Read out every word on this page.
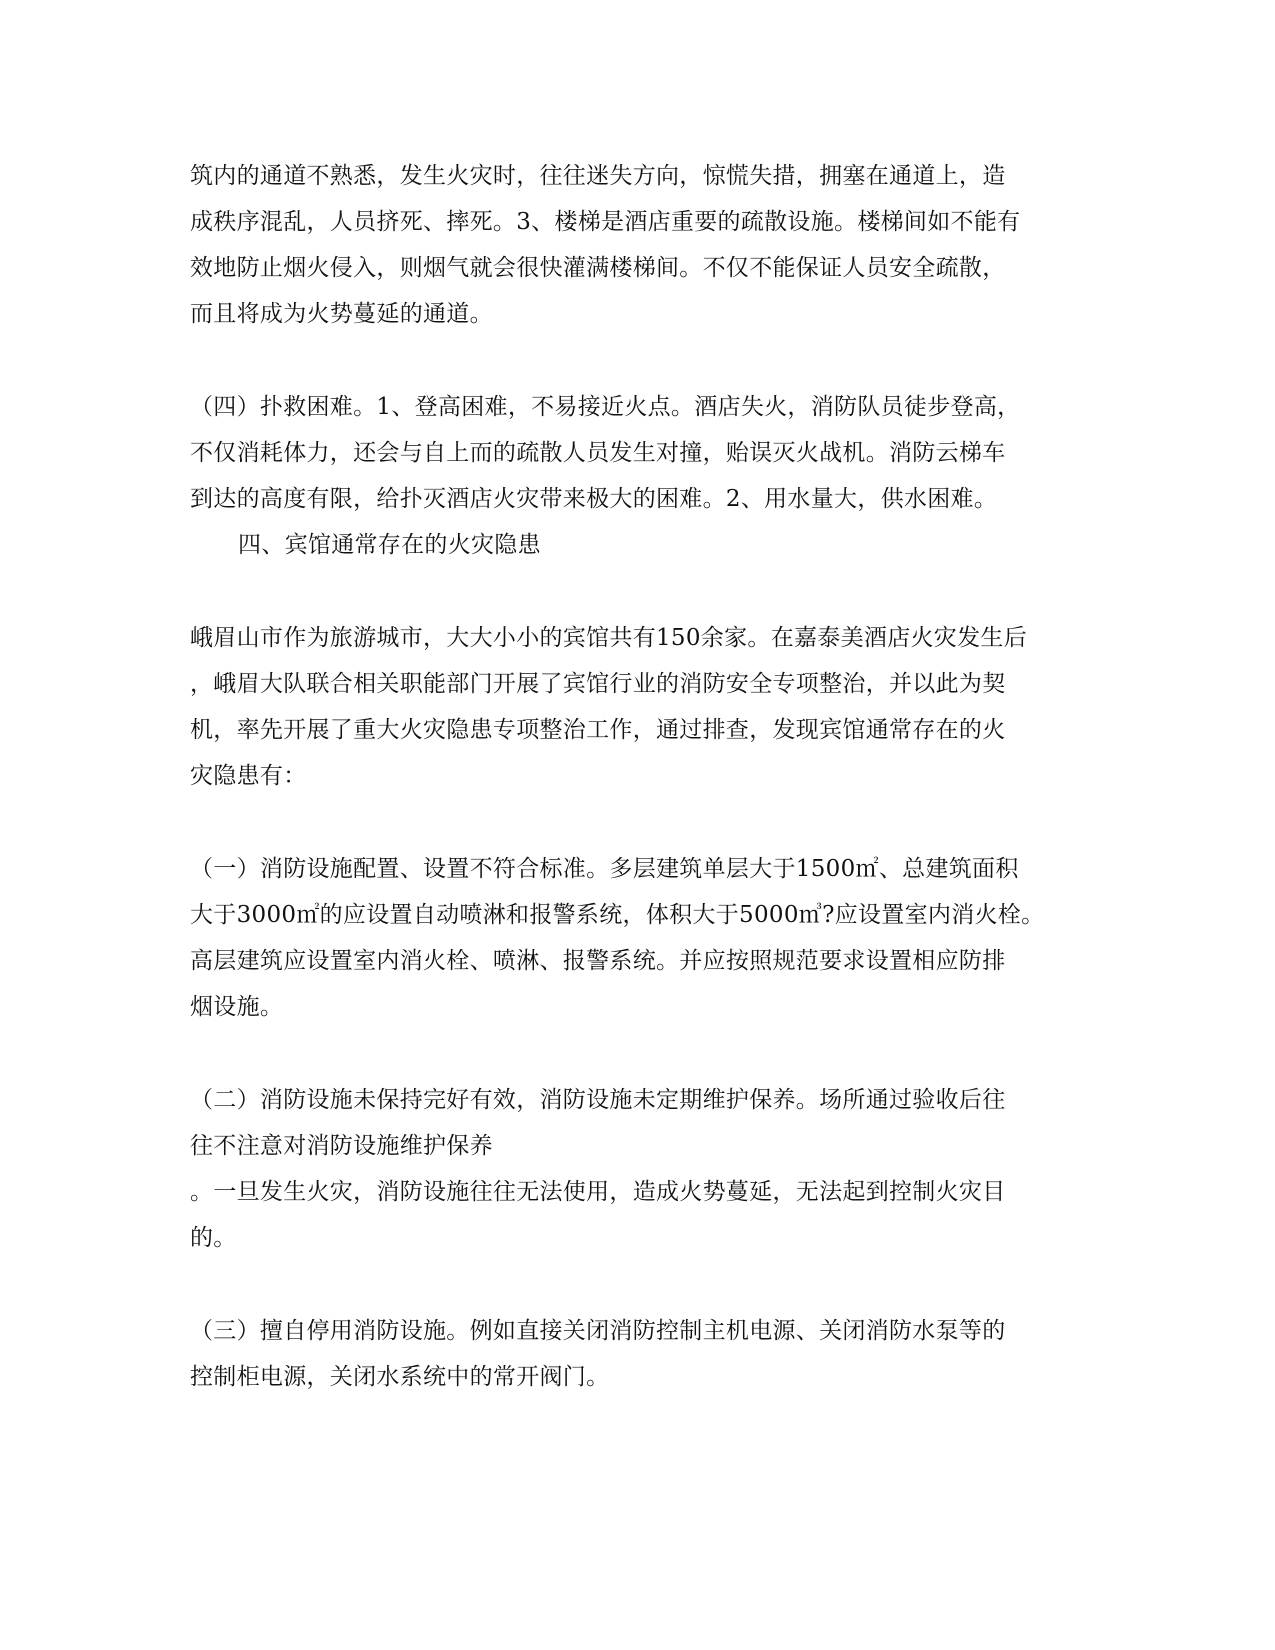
筑内的通道不熟悉，发生火灾时，往往迷失方向，惊慌失措，拥塞在通道上，造
成秩序混乱，人员挤死、摔死。3、楼梯是酒店重要的疏散设施。楼梯间如不能有
效地防止烟火侵入，则烟气就会很快灌满楼梯间。不仅不能保证人员安全疏散，
而且将成为火势蔓延的通道。
（四）扑救困难。1、登高困难，不易接近火点。酒店失火，消防队员徒步登高，
不仅消耗体力，还会与自上而的疏散人员发生对撞，贻误灭火战机。消防云梯车
到达的高度有限，给扑灭酒店火灾带来极大的困难。2、用水量大，供水困难。
四、宾馆通常存在的火灾隐患
峨眉山市作为旅游城市，大大小小的宾馆共有150余家。在嘉泰美酒店火灾发生后
，峨眉大队联合相关职能部门开展了宾馆行业的消防安全专项整治，并以此为契
机，率先开展了重大火灾隐患专项整治工作，通过排查，发现宾馆通常存在的火
灾隐患有：
（一）消防设施配置、设置不符合标准。多层建筑单层大于1500㎡、总建筑面积
大于3000㎡的应设置自动喷淋和报警系统，体积大于5000㎥?应设置室内消火栓。
高层建筑应设置室内消火栓、喷淋、报警系统。并应按照规范要求设置相应防排
烟设施。
（二）消防设施未保持完好有效，消防设施未定期维护保养。场所通过验收后往
往不注意对消防设施维护保养
。一旦发生火灾，消防设施往往无法使用，造成火势蔓延，无法起到控制火灾目
的。
（三）擅自停用消防设施。例如直接关闭消防控制主机电源、关闭消防水泵等的
控制柜电源，关闭水系统中的常开阀门。
